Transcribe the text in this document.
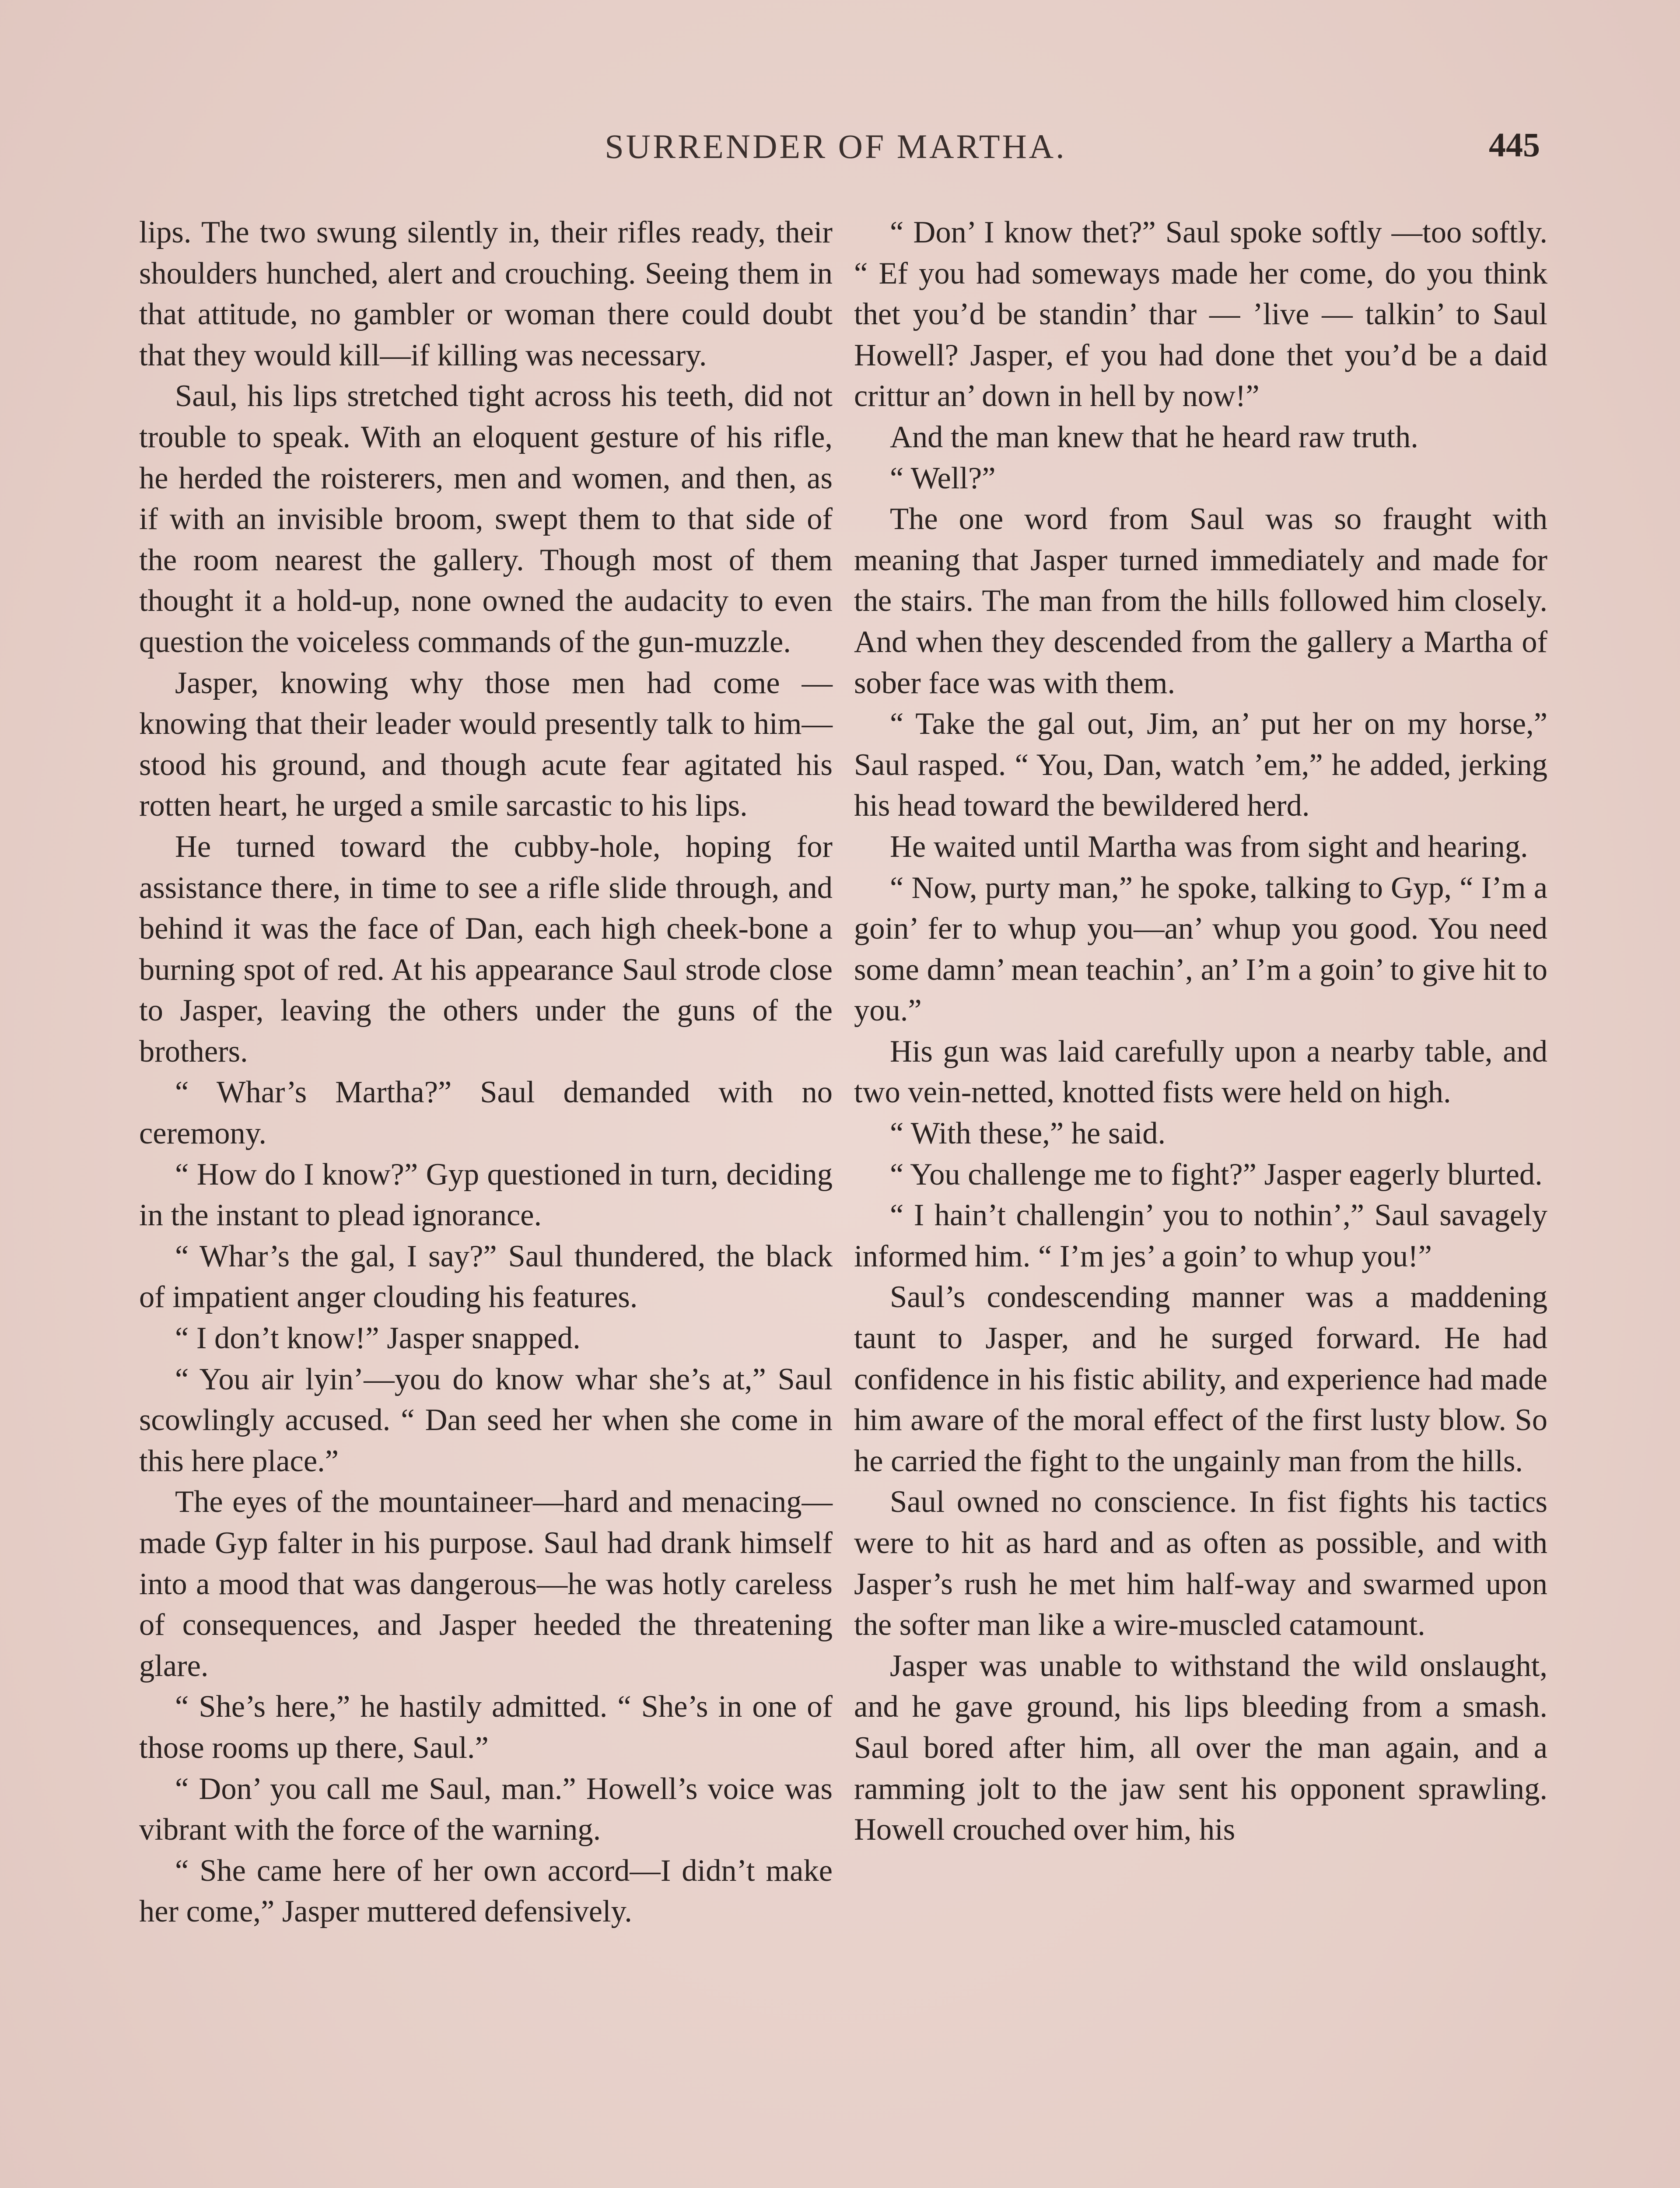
SURRENDER OF MARTHA.	445

lips. The two swung silently in, their rifles ready, their shoulders hunched, alert and crouching. Seeing them in that attitude, no gambler or woman there could doubt that they would kill—if killing was necessary.

Saul, his lips stretched tight across his teeth, did not trouble to speak. With an eloquent gesture of his rifle, he herded the roisterers, men and women, and then, as if with an invisible broom, swept them to that side of the room nearest the gallery. Though most of them thought it a hold-up, none owned the audacity to even question the voiceless commands of the gun-muzzle.

Jasper, knowing why those men had come —knowing that their leader would presently talk to him—stood his ground, and though acute fear agitated his rotten heart, he urged a smile sarcastic to his lips.

He turned toward the cubby-hole, hoping for assistance there, in time to see a rifle slide through, and behind it was the face of Dan, each high cheek-bone a burning spot of red. At his appearance Saul strode close to Jasper, leaving the others under the guns of the brothers.

“ Whar’s Martha?” Saul demanded with no ceremony.

“ How do I know?” Gyp questioned in turn, deciding in the instant to plead ignorance.

“ Whar’s the gal, I say?” Saul thundered, the black of impatient anger clouding his features.

“ I don’t know!” Jasper snapped.

“ You air lyin’—you do know whar she’s at,” Saul scowlingly accused. “ Dan seed her when she come in this here place.”

The eyes of the mountaineer—hard and menacing—made Gyp falter in his purpose. Saul had drank himself into a mood that was dangerous—he was hotly careless of consequences, and Jasper heeded the threatening glare.

“ She’s here,” he hastily admitted. “ She’s in one of those rooms up there, Saul.”

“ Don’ you call me Saul, man.” Howell’s voice was vibrant with the force of the warning.

“ She came here of her own accord—I didn’t make her come,” Jasper muttered defensively.

“ Don’ I know thet?” Saul spoke softly —too softly. “ Ef you had someways made her come, do you think thet you’d be standin’ thar — ’live — talkin’ to Saul Howell? Jasper, ef you had done thet you’d be a daid crittur an’ down in hell by now!”

And the man knew that he heard raw truth.

“ Well?”

The one word from Saul was so fraught with meaning that Jasper turned immediately and made for the stairs. The man from the hills followed him closely. And when they descended from the gallery a Martha of sober face was with them.

“ Take the gal out, Jim, an’ put her on my horse,” Saul rasped. “ You, Dan, watch ’em,” he added, jerking his head toward the bewildered herd.

He waited until Martha was from sight and hearing.

“ Now, purty man,” he spoke, talking to Gyp, “ I’m a goin’ fer to whup you—an’ whup you good. You need some damn’ mean teachin’, an’ I’m a goin’ to give hit to you.”

His gun was laid carefully upon a nearby table, and two vein-netted, knotted fists were held on high.

“ With these,” he said.

“ You challenge me to fight?” Jasper eagerly blurted.

“ I hain’t challengin’ you to nothin’,” Saul savagely informed him. “ I’m jes’ a goin’ to whup you!”

Saul’s condescending manner was a maddening taunt to Jasper, and he surged forward. He had confidence in his fistic ability, and experience had made him aware of the moral effect of the first lusty blow. So he carried the fight to the ungainly man from the hills.

Saul owned no conscience. In fist fights his tactics were to hit as hard and as often as possible, and with Jasper’s rush he met him half-way and swarmed upon the softer man like a wire-muscled catamount.

Jasper was unable to withstand the wild onslaught, and he gave ground, his lips bleeding from a smash. Saul bored after him, all over the man again, and a ramming jolt to the jaw sent his opponent sprawling. Howell crouched over him, his
